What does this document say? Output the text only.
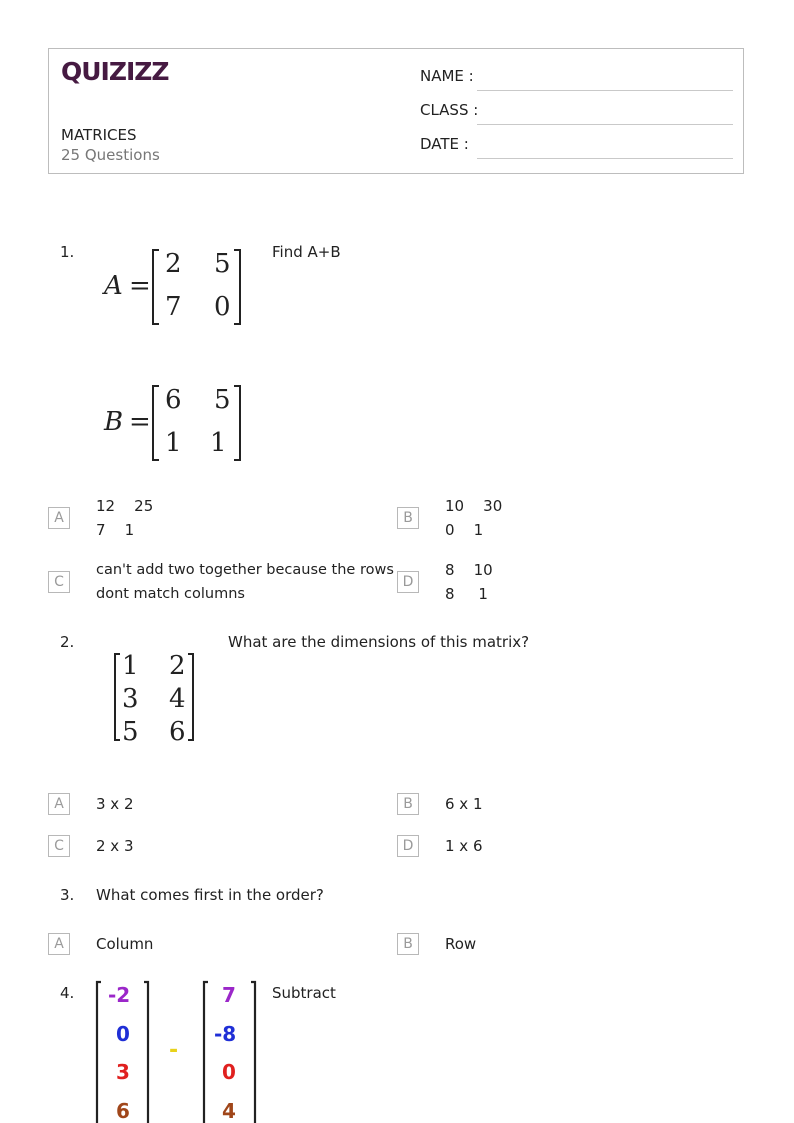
QUIZIZZ
MATRICES
25 Questions
NAME :
CLASS :
DATE :
1.	Find A+B
A =
2 5
7 0
B =
6 5
1 1
A
12    25
7    1
B
10    30
0    1
C
can't add two together because the rows
dont match columns
D
8    10
8     1
2.	What are the dimensions of this matrix?
1 2
3 4
5 6
A	3 x 2	B	6 x 1
C	2 x 3	D	1 x 6
3. What comes first in the order?
A	Column	B	Row
4.	Subtract
-2
0
3
6
-
7
-8
0
4
